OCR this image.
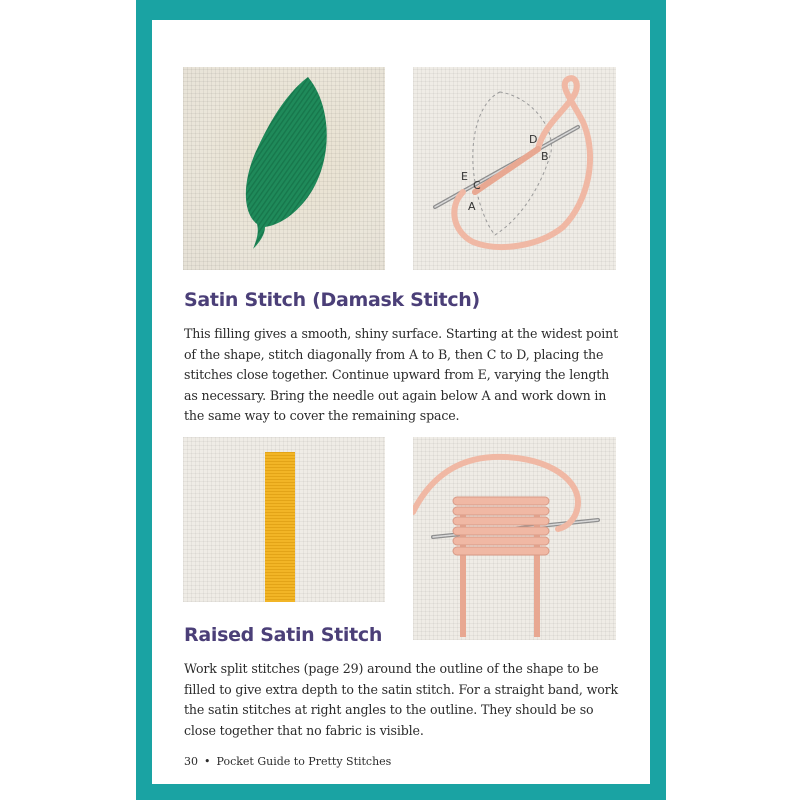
D
B
E
C
A
Satin Stitch (Damask Stitch)

This filling gives a smooth, shiny surface. Starting at the widest point of the shape, stitch diagonally from A to B, then C to D, placing the stitches close together. Continue upward from E, varying the length as necessary. Bring the needle out again below A and work down in the same way to cover the remaining space.

Raised Satin Stitch

Work split stitches (page 29) around the outline of the shape to be filled to give extra depth to the satin stitch. For a straight band, work the satin stitches at right angles to the outline. They should be so close together that no fabric is visible.

30 • Pocket Guide to Pretty Stitches
